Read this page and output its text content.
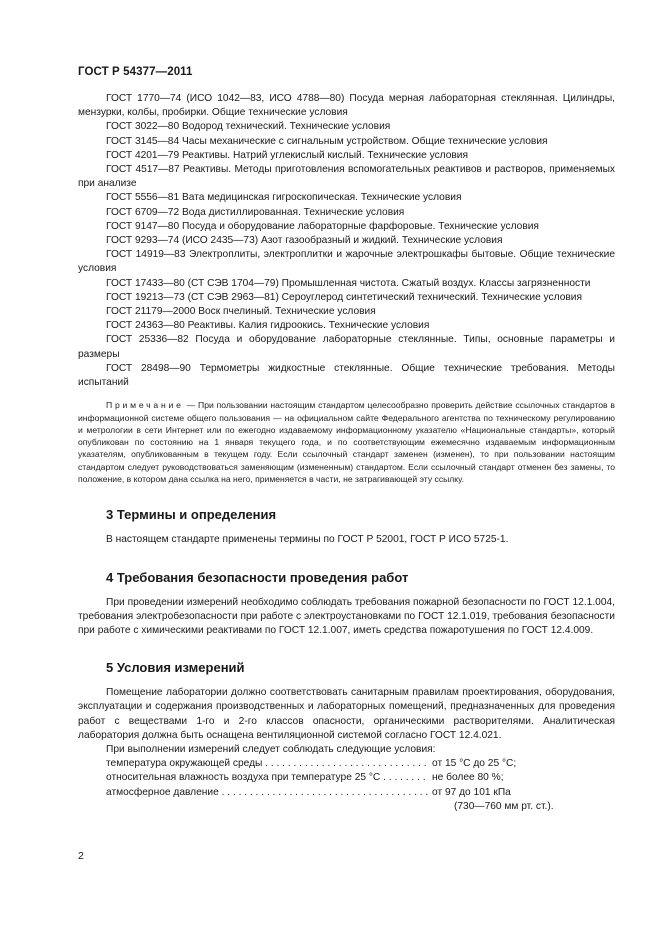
ГОСТ Р 54377—2011
ГОСТ 1770—74 (ИСО 1042—83, ИСО 4788—80) Посуда мерная лабораторная стеклянная. Цилиндры, мензурки, колбы, пробирки. Общие технические условия
ГОСТ 3022—80 Водород технический. Технические условия
ГОСТ 3145—84 Часы механические с сигнальным устройством. Общие технические условия
ГОСТ 4201—79 Реактивы. Натрий углекислый кислый. Технические условия
ГОСТ 4517—87 Реактивы. Методы приготовления вспомогательных реактивов и растворов, применяемых при анализе
ГОСТ 5556—81 Вата медицинская гигроскопическая. Технические условия
ГОСТ 6709—72 Вода дистиллированная. Технические условия
ГОСТ 9147—80 Посуда и оборудование лабораторные фарфоровые. Технические условия
ГОСТ 9293—74 (ИСО 2435—73) Азот газообразный и жидкий. Технические условия
ГОСТ 14919—83 Электроплиты, электроплитки и жарочные электрошкафы бытовые. Общие технические условия
ГОСТ 17433—80 (СТ СЭВ 1704—79) Промышленная чистота. Сжатый воздух. Классы загрязненности
ГОСТ 19213—73 (СТ СЭВ 2963—81) Сероуглерод синтетический технический. Технические условия
ГОСТ 21179—2000 Воск пчелиный. Технические условия
ГОСТ 24363—80 Реактивы. Калия гидроокись. Технические условия
ГОСТ 25336—82 Посуда и оборудование лабораторные стеклянные. Типы, основные параметры и размеры
ГОСТ 28498—90 Термометры жидкостные стеклянные. Общие технические требования. Методы испытаний
Примечание — При пользовании настоящим стандартом целесообразно проверить действие ссылочных стандартов в информационной системе общего пользования — на официальном сайте Федерального агентства по техническому регулированию и метрологии в сети Интернет или по ежегодно издаваемому информационному указателю «Национальные стандарты», который опубликован по состоянию на 1 января текущего года, и по соответствующим ежемесячно издаваемым информационным указателям, опубликованным в текущем году. Если ссылочный стандарт заменен (изменен), то при пользовании настоящим стандартом следует руководствоваться заменяющим (измененным) стандартом. Если ссылочный стандарт отменен без замены, то положение, в котором дана ссылка на него, применяется в части, не затрагивающей эту ссылку.
3 Термины и определения
В настоящем стандарте применены термины по ГОСТ Р 52001, ГОСТ Р ИСО 5725-1.
4 Требования безопасности проведения работ
При проведении измерений необходимо соблюдать требования пожарной безопасности по ГОСТ 12.1.004, требования электробезопасности при работе с электроустановками по ГОСТ 12.1.019, требования безопасности при работе с химическими реактивами по ГОСТ 12.1.007, иметь средства пожаротушения по ГОСТ 12.4.009.
5 Условия измерений
Помещение лаборатории должно соответствовать санитарным правилам проектирования, оборудования, эксплуатации и содержания производственных и лабораторных помещений, предназначенных для проведения работ с веществами 1-го и 2-го классов опасности, органическими растворителями. Аналитическая лаборатория должна быть оснащена вентиляционной системой согласно ГОСТ 12.4.021.
При выполнении измерений следует соблюдать следующие условия:
температура окружающей среды . . .	от 15 °С до 25 °С;
относительная влажность воздуха при температуре 25 °С . . .	не более 80 %;
атмосферное давление . . .	от 97 до 101 кПа
(730—760 мм рт. ст.).
2
